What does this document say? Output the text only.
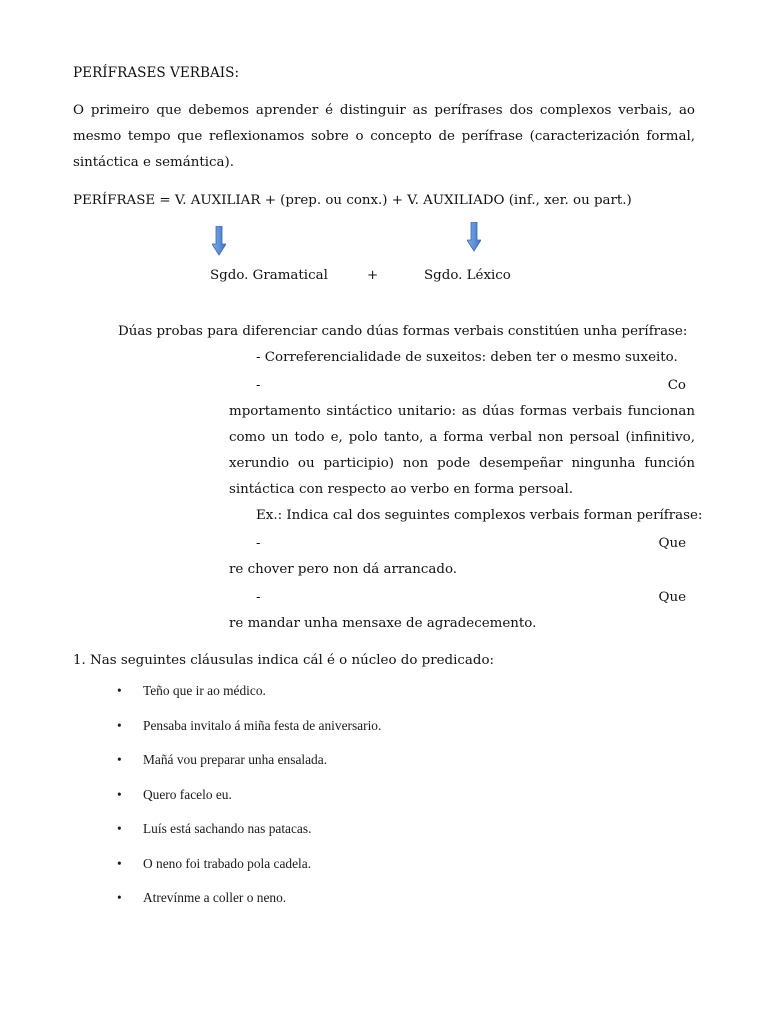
PERÍFRASES VERBAIS:

O primeiro que debemos aprender é distinguir as perífrases dos complexos verbais, ao mesmo tempo que reflexionamos sobre o concepto de perífrase (caracterización formal, sintáctica e semántica).

PERÍFRASE = V. AUXILIAR + (prep. ou conx.) + V. AUXILIADO (inf., xer. ou part.)

Sgdo. Gramatical	+	Sgdo. Léxico

Dúas probas para diferenciar cando dúas formas verbais constitúen unha perífrase:

- Correferencialidade de suxeitos: deben ter o mesmo suxeito.

-	Co

mportamento sintáctico unitario: as dúas formas verbais funcionan como un todo e, polo tanto, a forma verbal non persoal (infinitivo, xerundio ou participio) non pode desempeñar ningunha función sintáctica con respecto ao verbo en forma persoal.

Ex.: Indica cal dos seguintes complexos verbais forman perífrase:

-	Que

re chover pero non dá arrancado.

-	Que

re mandar unha mensaxe de agradecemento.

1. Nas seguintes cláusulas indica cál é o núcleo do predicado:

• Teño que ir ao médico.
• Pensaba invitalo á miña festa de aniversario.
• Mañá vou preparar unha ensalada.
• Quero facelo eu.
• Luís está sachando nas patacas.
• O neno foi trabado pola cadela.
• Atrevínme a coller o neno.
